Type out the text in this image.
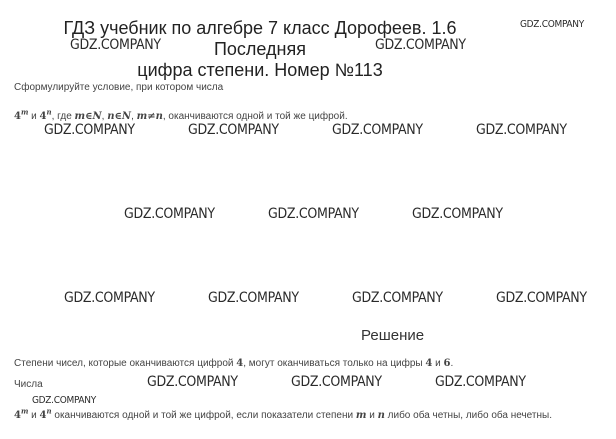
ГДЗ учебник по алгебре 7 класс Дорофеев. 1.6 Последняя
цифра степени. Номер №113
GDZ.COMPANY
GDZ.COMPANY	GDZ.COMPANY
GDZ.COMPANY	GDZ.COMPANY	GDZ.COMPANY	GDZ.COMPANY
GDZ.COMPANY	GDZ.COMPANY	GDZ.COMPANY
GDZ.COMPANY	GDZ.COMPANY	GDZ.COMPANY	GDZ.COMPANY
GDZ.COMPANY	GDZ.COMPANY	GDZ.COMPANY
GDZ.COMPANY
Сформулируйте условие, при котором числа
4$^m$ и 4$^n$, где m∈N, n∈N, m≠n, оканчиваются одной и той же цифрой.
Решение
Степени чисел, которые оканчиваются цифрой 4, могут оканчиваться только на цифры 4 и 6.
Числа
4$^m$ и 4$^n$ оканчиваются одной и той же цифрой, если показатели степени m и n либо оба четны, либо оба нечетны.
